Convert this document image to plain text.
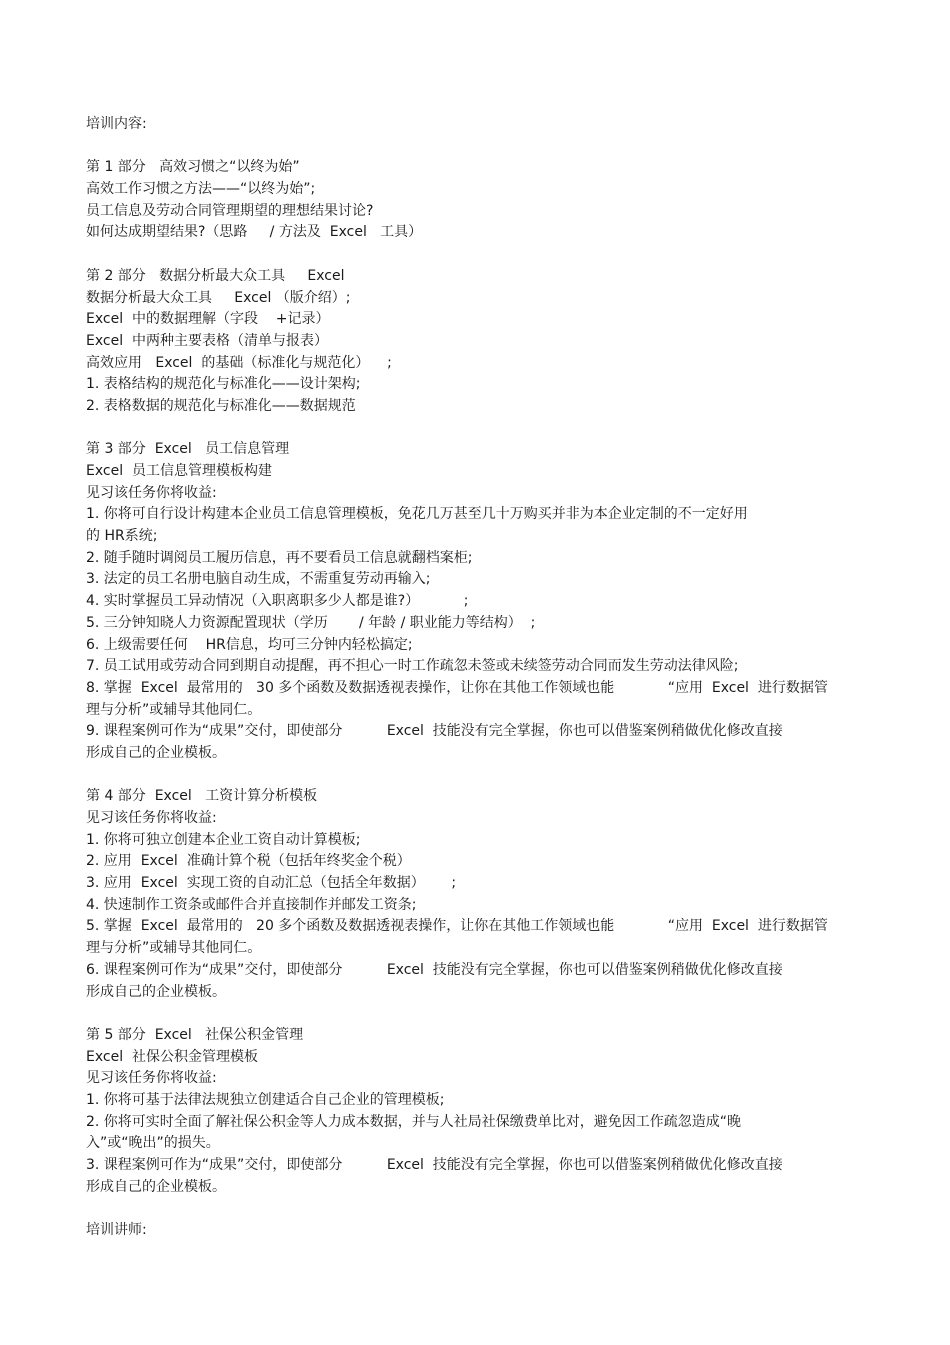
培训内容:
第 1 部分   高效习惯之“以终为始”
高效工作习惯之方法——“以终为始”;
员工信息及劳动合同管理期望的理想结果讨论?
如何达成期望结果?（思路     / 方法及  Excel   工具）
第 2 部分   数据分析最大众工具     Excel
数据分析最大众工具     Excel （版介绍）;
Excel  中的数据理解（字段    +记录）
Excel  中两种主要表格（清单与报表）
高效应用   Excel  的基础（标准化与规范化）    ;
1. 表格结构的规范化与标准化——设计架构;
2. 表格数据的规范化与标准化——数据规范
第 3 部分  Excel   员工信息管理
Excel  员工信息管理模板构建
见习该任务你将收益:
1. 你将可自行设计构建本企业员工信息管理模板，免花几万甚至几十万购买并非为本企业定制的不一定好用
的 HR系统;
2. 随手随时调阅员工履历信息，再不要看员工信息就翻档案柜;
3. 法定的员工名册电脑自动生成，不需重复劳动再输入;
4. 实时掌握员工异动情况（入职离职多少人都是谁?）          ;
5. 三分钟知晓人力资源配置现状（学历       / 年龄 / 职业能力等结构）  ;
6. 上级需要任何    HR信息，均可三分钟内轻松搞定;
7. 员工试用或劳动合同到期自动提醒，再不担心一时工作疏忽未签或未续签劳动合同而发生劳动法律风险;
8. 掌握  Excel  最常用的   30 多个函数及数据透视表操作，让你在其他工作领域也能            “应用  Excel  进行数据管
理与分析”或辅导其他同仁。
9. 课程案例可作为“成果”交付，即使部分          Excel  技能没有完全掌握，你也可以借鉴案例稍做优化修改直接
形成自己的企业模板。
第 4 部分  Excel   工资计算分析模板
见习该任务你将收益:
1. 你将可独立创建本企业工资自动计算模板;
2. 应用  Excel  准确计算个税（包括年终奖金个税）
3. 应用  Excel  实现工资的自动汇总（包括全年数据）      ;
4. 快速制作工资条或邮件合并直接制作并邮发工资条;
5. 掌握  Excel  最常用的   20 多个函数及数据透视表操作，让你在其他工作领域也能            “应用  Excel  进行数据管
理与分析”或辅导其他同仁。
6. 课程案例可作为“成果”交付，即使部分          Excel  技能没有完全掌握，你也可以借鉴案例稍做优化修改直接
形成自己的企业模板。
第 5 部分  Excel   社保公积金管理
Excel  社保公积金管理模板
见习该任务你将收益:
1. 你将可基于法律法规独立创建适合自己企业的管理模板;
2. 你将可实时全面了解社保公积金等人力成本数据，并与人社局社保缴费单比对，避免因工作疏忽造成“晚
入”或“晚出”的损失。
3. 课程案例可作为“成果”交付，即使部分          Excel  技能没有完全掌握，你也可以借鉴案例稍做优化修改直接
形成自己的企业模板。
培训讲师:
